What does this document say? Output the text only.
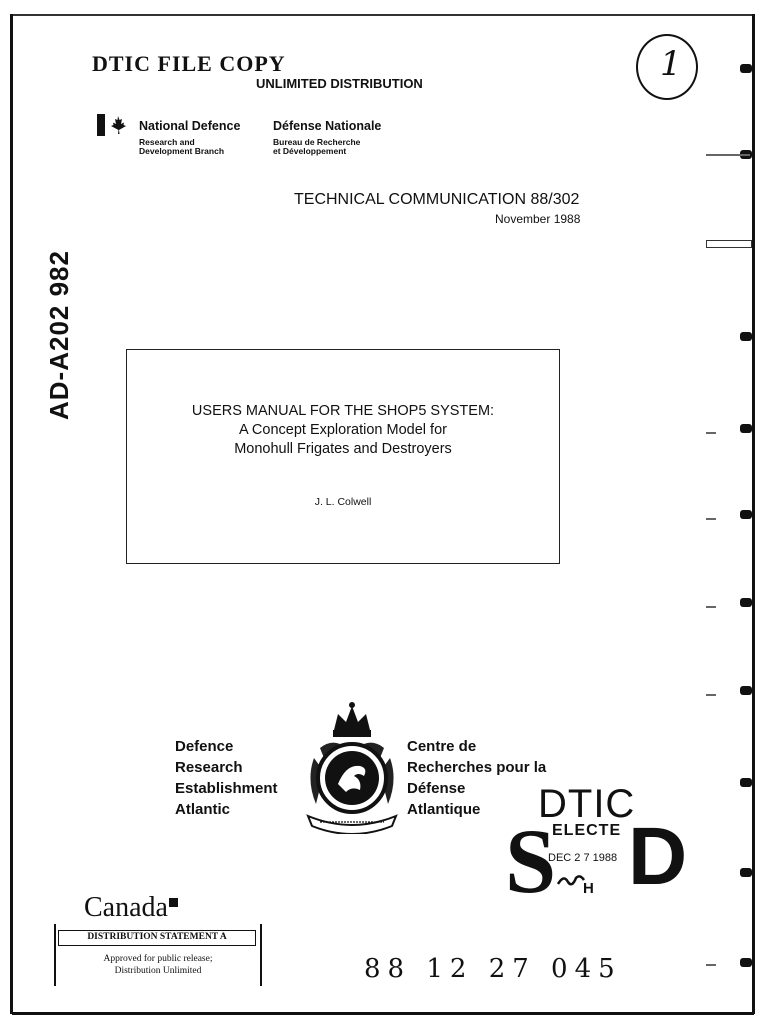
DTIC FILE COPY
UNLIMITED DISTRIBUTION	1
National Defence	Défense Nationale
Research and
Development Branch
Bureau de Recherche
et Développement
TECHNICAL COMMUNICATION 88/302
November 1988
AD-A202 982	USERS MANUAL FOR THE SHOP5 SYSTEM:
A Concept Exploration Model for
Monohull Frigates and Destroyers
J. L. Colwell
Defence
Research
Establishment
Atlantic
Centre de
Recherches pour la
Défense
Atlantique	DTIC
S
ELECTE
DEC 2 7 1988 D
H
Canada
DISTRIBUTION STATEMENT A
Approved for public release;
Distribution Unlimited	88 12 27 045
